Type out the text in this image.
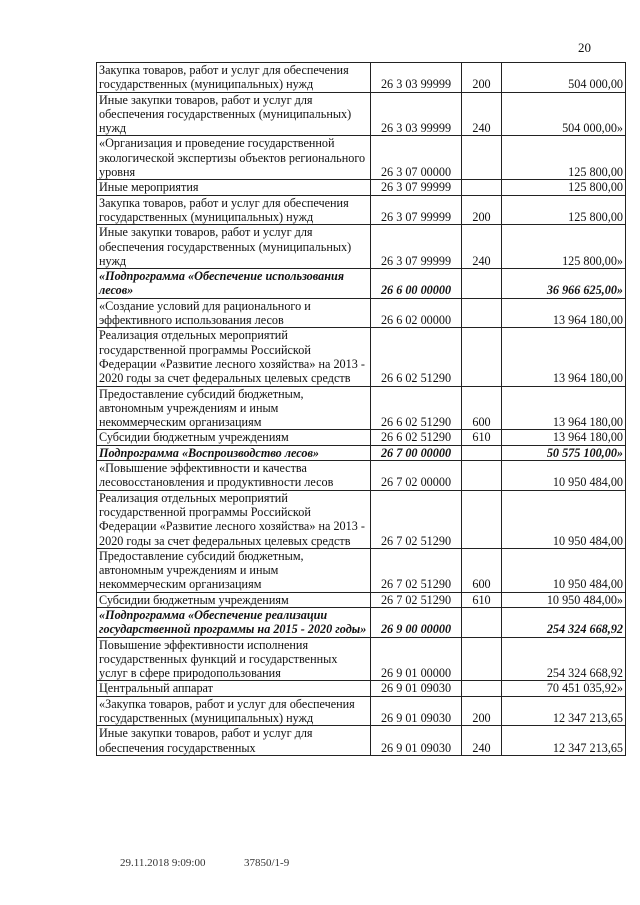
20
Закупка товаров, работ и услуг для обеспечения государственных (муниципальных) нужд	26 3 03 99999	200	504 000,00
Иные закупки товаров, работ и услуг для обеспечения государственных (муниципальных) нужд	26 3 03 99999	240	504 000,00»
«Организация и проведение государственной экологической экспертизы объектов регионального уровня	26 3 07 00000		125 800,00
Иные мероприятия	26 3 07 99999		125 800,00
Закупка товаров, работ и услуг для обеспечения государственных (муниципальных) нужд	26 3 07 99999	200	125 800,00
Иные закупки товаров, работ и услуг для обеспечения государственных (муниципальных) нужд	26 3 07 99999	240	125 800,00»
«Подпрограмма «Обеспечение использования лесов»	26 6 00 00000		36 966 625,00»
«Создание условий для рационального и эффективного использования лесов	26 6 02 00000		13 964 180,00
Реализация отдельных мероприятий государственной программы Российской Федерации «Развитие лесного хозяйства» на 2013 - 2020 годы за счет федеральных целевых средств	26 6 02 51290		13 964 180,00
Предоставление субсидий бюджетным, автономным учреждениям и иным некоммерческим организациям	26 6 02 51290	600	13 964 180,00
Субсидии бюджетным учреждениям	26 6 02 51290	610	13 964 180,00
Подпрограмма «Воспроизводство лесов»	26 7 00 00000		50 575 100,00»
«Повышение эффективности и качества лесовосстановления и продуктивности лесов	26 7 02 00000		10 950 484,00
Реализация отдельных мероприятий государственной программы Российской Федерации «Развитие лесного хозяйства» на 2013 - 2020 годы за счет федеральных целевых средств	26 7 02 51290		10 950 484,00
Предоставление субсидий бюджетным, автономным учреждениям и иным некоммерческим организациям	26 7 02 51290	600	10 950 484,00
Субсидии бюджетным учреждениям	26 7 02 51290	610	10 950 484,00»
«Подпрограмма «Обеспечение реализации государственной программы на 2015 - 2020 годы»	26 9 00 00000		254 324 668,92
Повышение эффективности исполнения государственных функций и государственных услуг в сфере природопользования	26 9 01 00000		254 324 668,92
Центральный аппарат	26 9 01 09030		70 451 035,92»
«Закупка товаров, работ и услуг для обеспечения государственных (муниципальных) нужд	26 9 01 09030	200	12 347 213,65
Иные закупки товаров, работ и услуг для обеспечения государственных	26 9 01 09030	240	12 347 213,65
29.11.2018 9:09:00	37850/1-9
